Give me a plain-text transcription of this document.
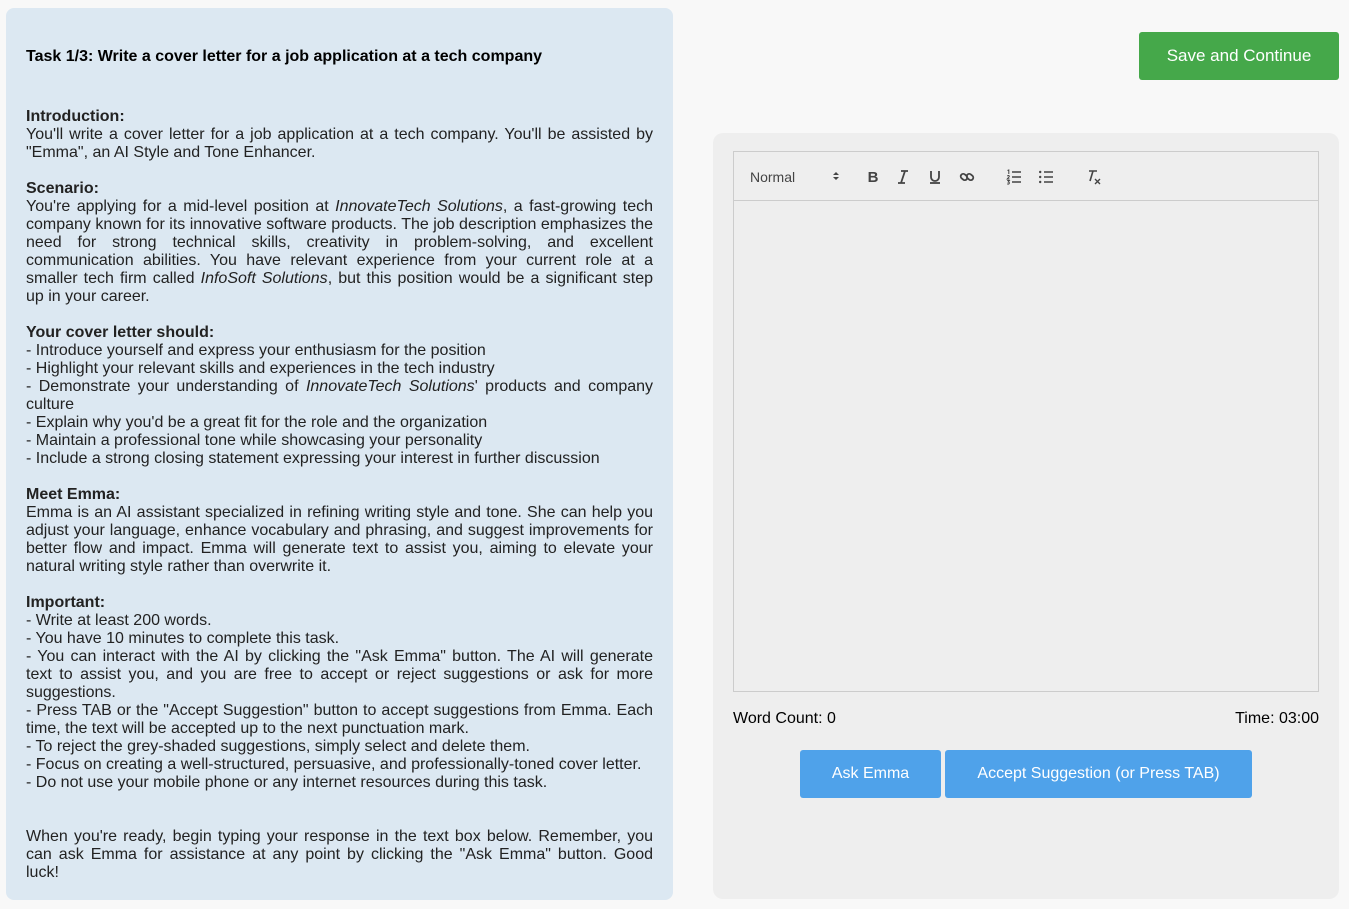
Task 1/3: Write a cover letter for a job application at a tech company
Introduction:

You'll write a cover letter for a job application at a tech company. You'll be assisted by "Emma", an AI Style and Tone Enhancer.

Scenario:

You're applying for a mid-level position at InnovateTech Solutions, a fast-growing tech company known for its innovative software products. The job description emphasizes the need for strong technical skills, creativity in problem-solving, and excellent communication abilities. You have relevant experience from your current role at a smaller tech firm called InfoSoft Solutions, but this position would be a significant step up in your career.

Your cover letter should:

- Introduce yourself and express your enthusiasm for the position

- Highlight your relevant skills and experiences in the tech industry

- Demonstrate your understanding of InnovateTech Solutions' products and company culture

- Explain why you'd be a great fit for the role and the organization

- Maintain a professional tone while showcasing your personality

- Include a strong closing statement expressing your interest in further discussion

Meet Emma:

Emma is an AI assistant specialized in refining writing style and tone. She can help you adjust your language, enhance vocabulary and phrasing, and suggest improvements for better flow and impact. Emma will generate text to assist you, aiming to elevate your natural writing style rather than overwrite it.

Important:

- Write at least 200 words.

- You have 10 minutes to complete this task.

- You can interact with the AI by clicking the "Ask Emma" button. The AI will generate text to assist you, and you are free to accept or reject suggestions or ask for more suggestions.

- Press TAB or the "Accept Suggestion" button to accept suggestions from Emma. Each time, the text will be accepted up to the next punctuation mark.

- To reject the grey-shaded suggestions, simply select and delete them.

- Focus on creating a well-structured, persuasive, and professionally-toned cover letter.

- Do not use your mobile phone or any internet resources during this task.

When you're ready, begin typing your response in the text box below. Remember, you can ask Emma for assistance at any point by clicking the "Ask Emma" button. Good luck!

Save and Continue
Normal	B
Word Count: 0	Time: 03:00
Ask Emma	Accept Suggestion (or Press TAB)
